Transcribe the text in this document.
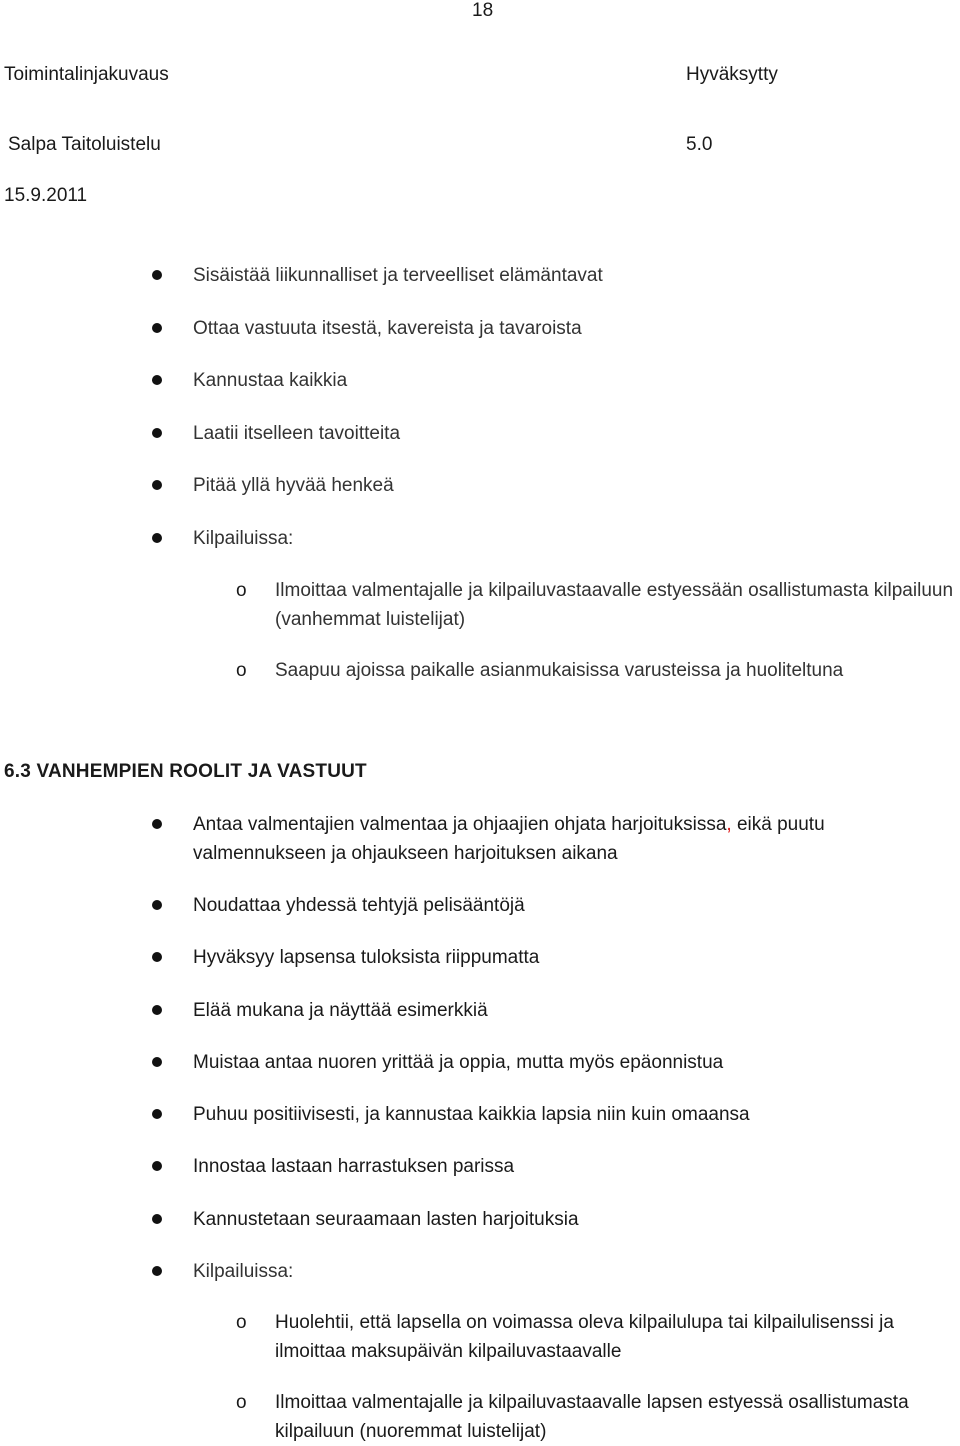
18
Toimintalinjakuvaus	Hyväksytty
Salpa Taitoluistelu	5.0
15.9.2011
Sisäistää liikunnalliset ja terveelliset elämäntavat
Ottaa vastuuta itsestä, kavereista ja tavaroista
Kannustaa kaikkia
Laatii itselleen tavoitteita
Pitää yllä hyvää henkeä
Kilpailuissa:
o Ilmoittaa valmentajalle ja kilpailuvastaavalle estyessään osallistumasta kilpailuun (vanhemmat luistelijat)
o Saapuu ajoissa paikalle asianmukaisissa varusteissa ja huoliteltuna
6.3 VANHEMPIEN ROOLIT JA VASTUUT
Antaa valmentajien valmentaa ja ohjaajien ohjata harjoituksissa, eikä puutu valmennukseen ja ohjaukseen harjoituksen aikana
Noudattaa yhdessä tehtyjä pelisääntöjä
Hyväksyy lapsensa tuloksista riippumatta
Elää mukana ja näyttää esimerkkiä
Muistaa antaa nuoren yrittää ja oppia, mutta myös epäonnistua
Puhuu positiivisesti, ja kannustaa kaikkia lapsia niin kuin omaansa
Innostaa lastaan harrastuksen parissa
Kannustetaan seuraamaan lasten harjoituksia
Kilpailuissa:
o Huolehtii, että lapsella on voimassa oleva kilpailulupa tai kilpailulisenssi ja ilmoittaa maksupäivän kilpailuvastaavalle
o Ilmoittaa valmentajalle ja kilpailuvastaavalle lapsen estyessä osallistumasta kilpailuun (nuoremmat luistelijat)
